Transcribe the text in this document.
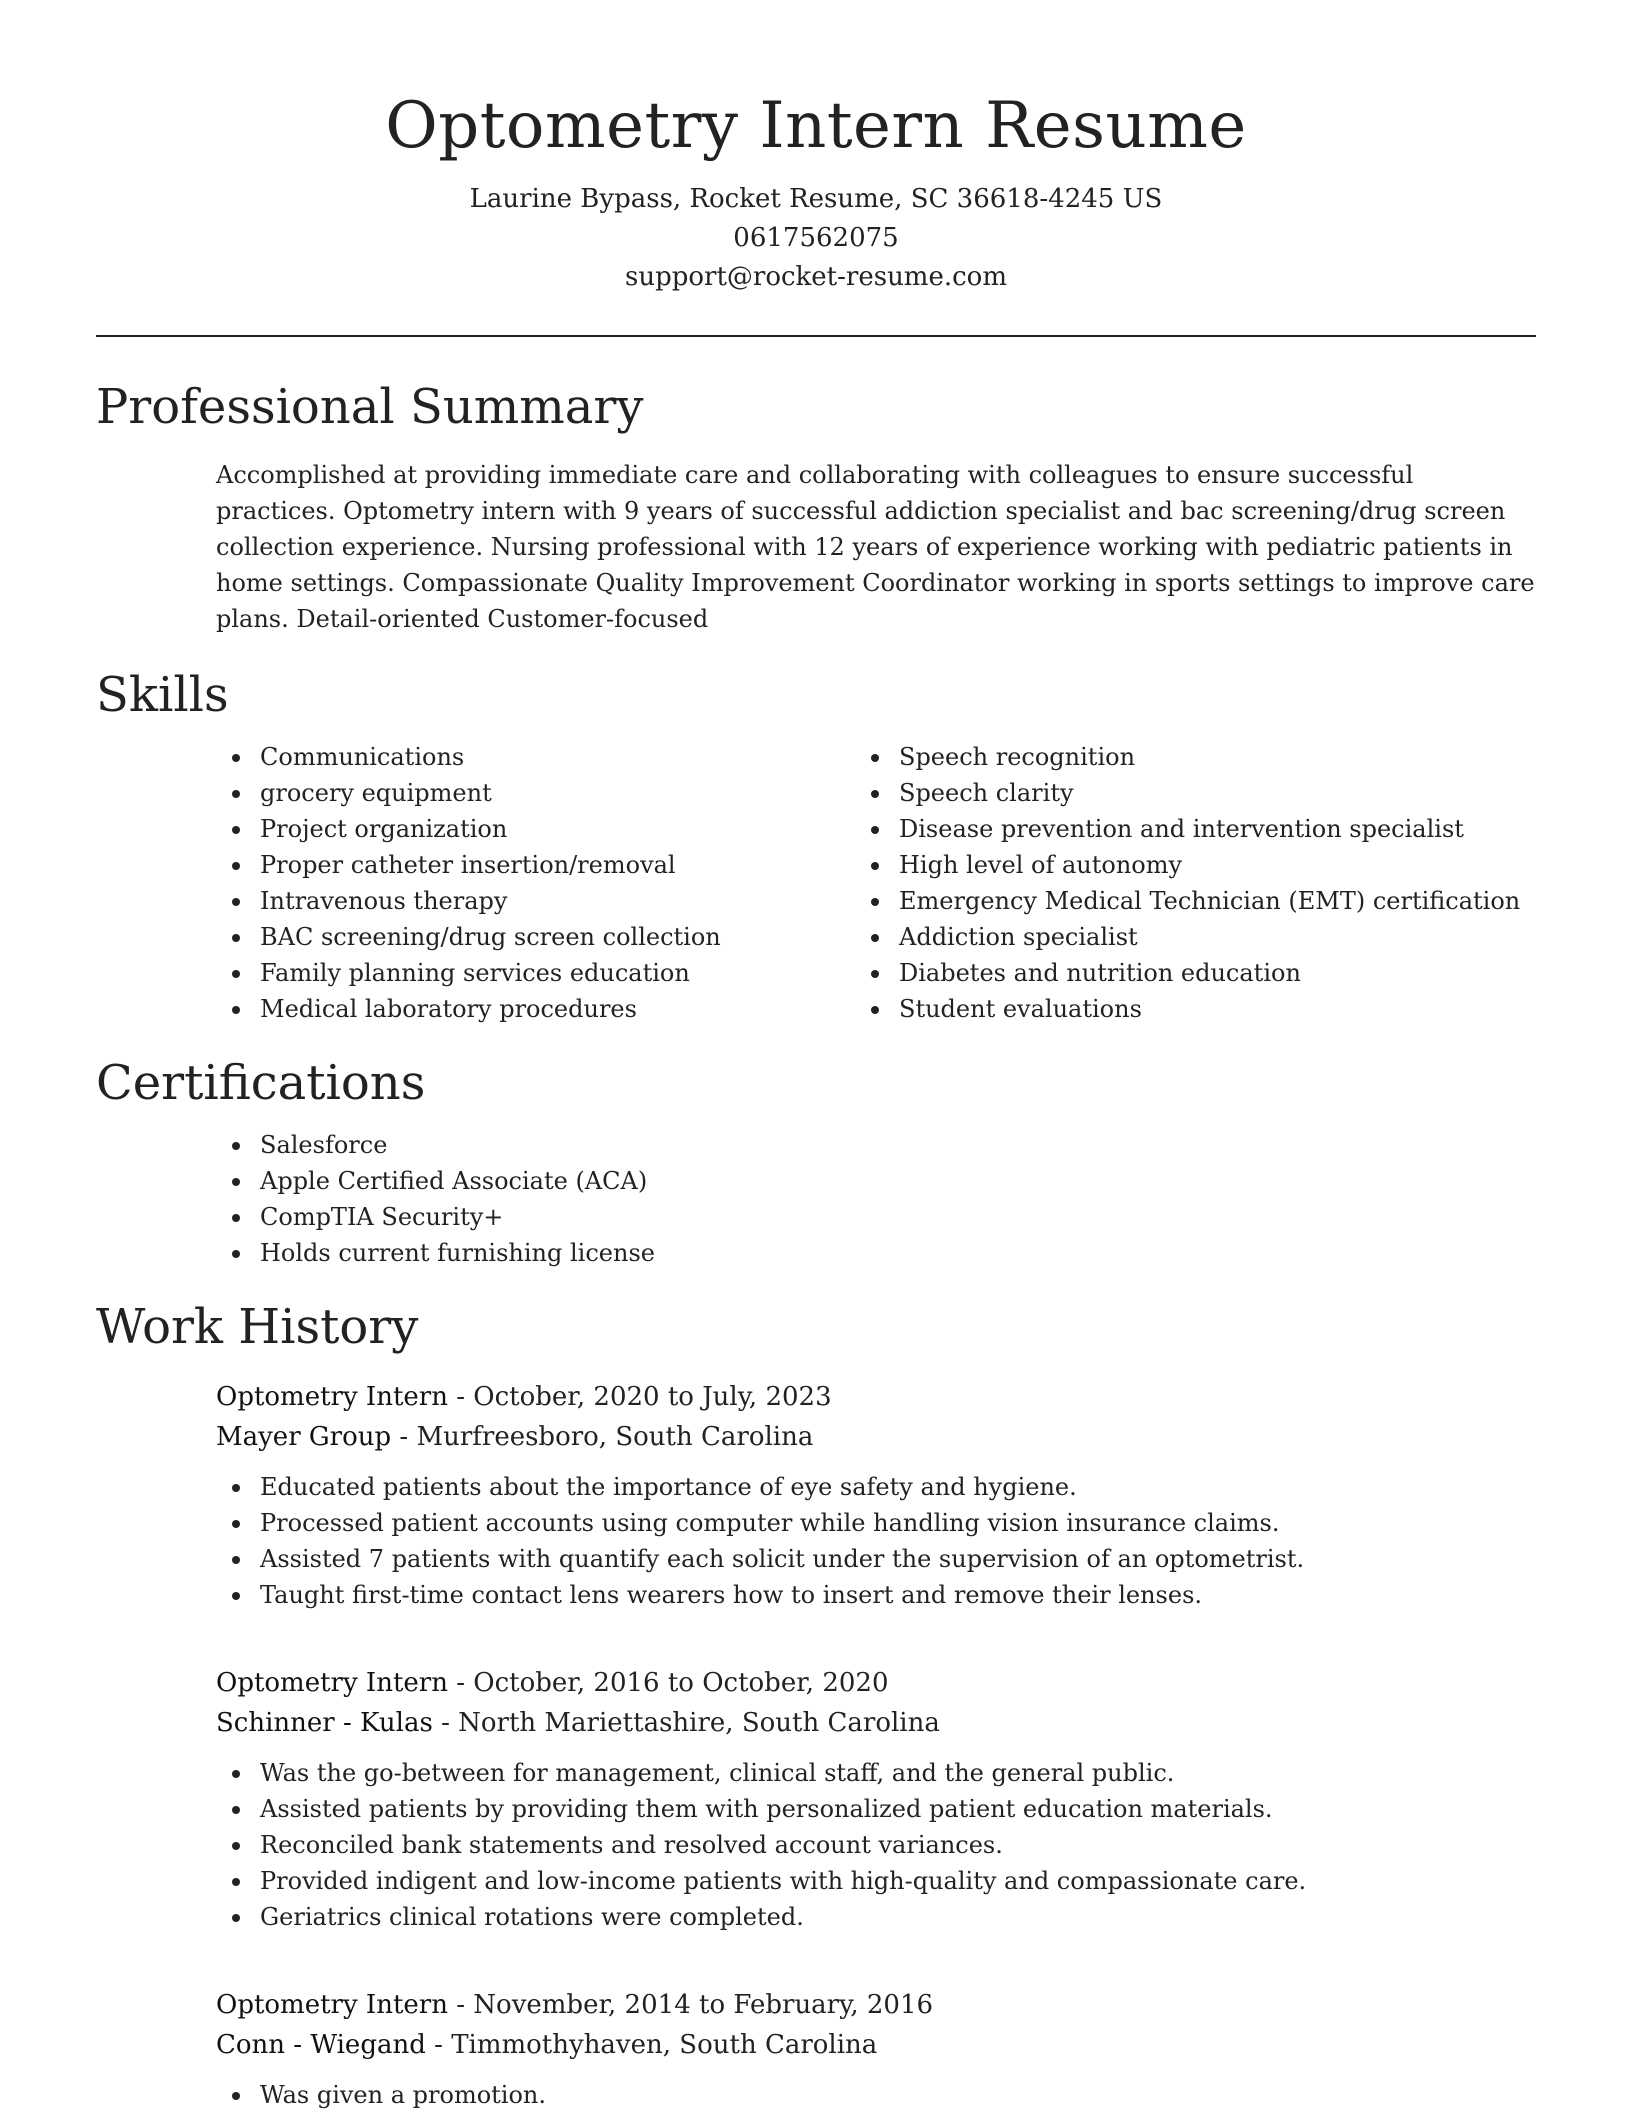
Optometry Intern Resume
Laurine Bypass, Rocket Resume, SC 36618-4245 US
0617562075
support@rocket-resume.com
Professional Summary
Accomplished at providing immediate care and collaborating with colleagues to ensure successful practices. Optometry intern with 9 years of successful addiction specialist and bac screening/drug screen collection experience. Nursing professional with 12 years of experience working with pediatric patients in home settings. Compassionate Quality Improvement Coordinator working in sports settings to improve care plans. Detail-oriented Customer-focused
Skills
Communications
grocery equipment
Project organization
Proper catheter insertion/removal
Intravenous therapy
BAC screening/drug screen collection
Family planning services education
Medical laboratory procedures
Speech recognition
Speech clarity
Disease prevention and intervention specialist
High level of autonomy
Emergency Medical Technician (EMT) certification
Addiction specialist
Diabetes and nutrition education
Student evaluations
Certifications
Salesforce
Apple Certified Associate (ACA)
CompTIA Security+
Holds current furnishing license
Work History
Optometry Intern - October, 2020 to July, 2023
Mayer Group - Murfreesboro, South Carolina
Educated patients about the importance of eye safety and hygiene.
Processed patient accounts using computer while handling vision insurance claims.
Assisted 7 patients with quantify each solicit under the supervision of an optometrist.
Taught first-time contact lens wearers how to insert and remove their lenses.
Optometry Intern - October, 2016 to October, 2020
Schinner - Kulas - North Mariettashire, South Carolina
Was the go-between for management, clinical staff, and the general public.
Assisted patients by providing them with personalized patient education materials.
Reconciled bank statements and resolved account variances.
Provided indigent and low-income patients with high-quality and compassionate care.
Geriatrics clinical rotations were completed.
Optometry Intern - November, 2014 to February, 2016
Conn - Wiegand - Timmothyhaven, South Carolina
Was given a promotion.
